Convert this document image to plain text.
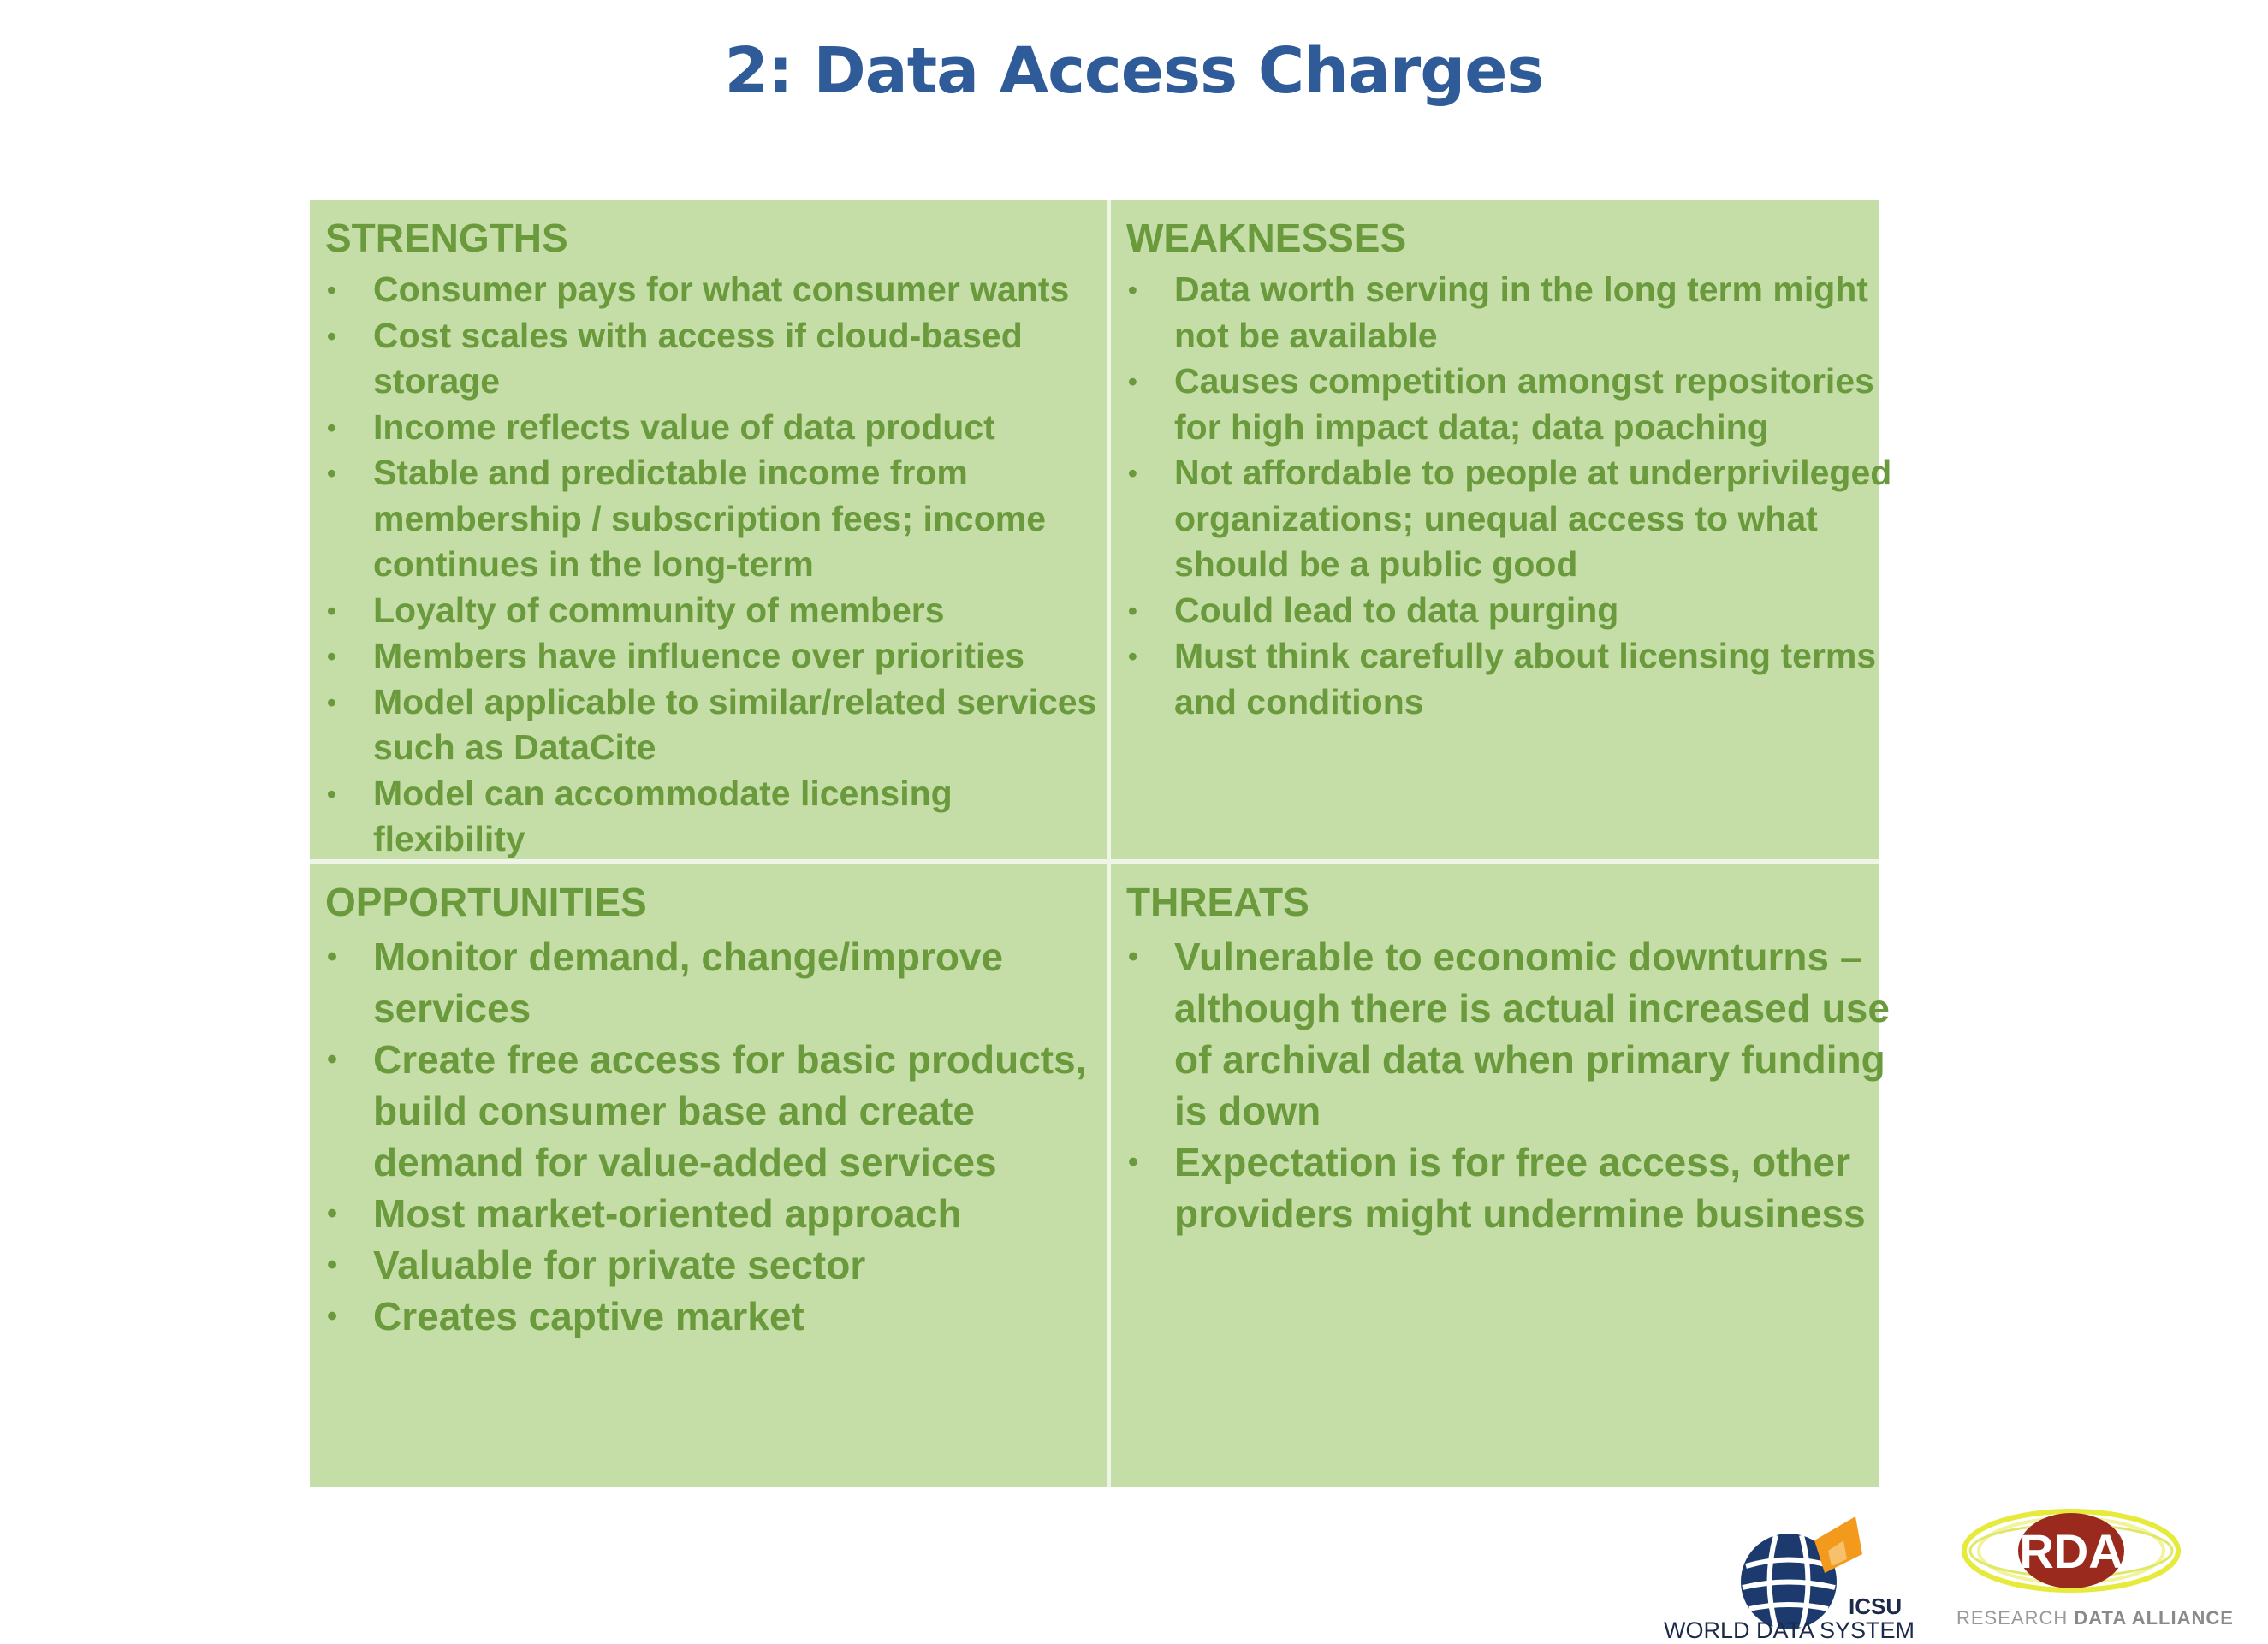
2: Data Access Charges
STRENGTHS
• Consumer pays for what consumer wants
• Cost scales with access if cloud-based
storage
• Income reflects value of data product
• Stable and predictable income from
membership / subscription fees; income
continues in the long-term
• Loyalty of community of members
• Members have influence over priorities
• Model applicable to similar/related services
such as DataCite
• Model can accommodate licensing
flexibility
WEAKNESSES
• Data worth serving in the long term might
not be available
• Causes competition amongst repositories
for high impact data; data poaching
• Not affordable to people at underprivileged
organizations; unequal access to what
should be a public good
• Could lead to data purging
• Must think carefully about licensing terms
and conditions
OPPORTUNITIES
• Monitor demand, change/improve
services
• Create free access for basic products,
build consumer base and create
demand for value-added services
• Most market-oriented approach
• Valuable for private sector
• Creates captive market
THREATS
• Vulnerable to economic downturns –
although there is actual increased use
of archival data when primary funding
is down
• Expectation is for free access, other
providers might undermine business
ICSU
WORLD DATA SYSTEM
RDA
RESEARCH DATA ALLIANCE
